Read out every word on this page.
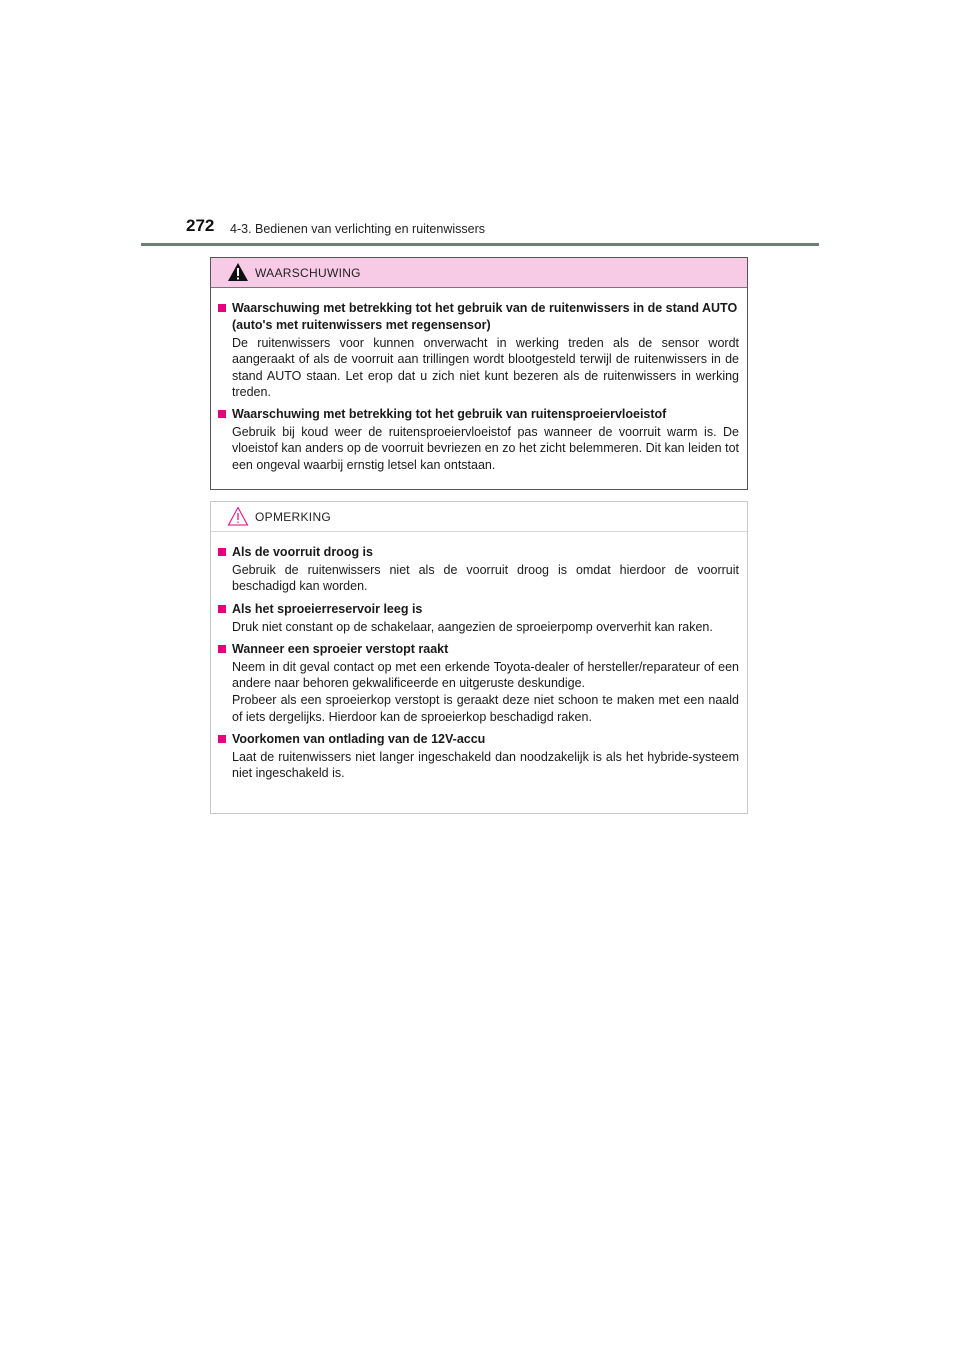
272 4-3. Bedienen van verlichting en ruitenwissers
WAARSCHUWING
Waarschuwing met betrekking tot het gebruik van de ruitenwissers in de stand AUTO (auto's met ruitenwissers met regensensor)
De ruitenwissers voor kunnen onverwacht in werking treden als de sensor wordt aangeraakt of als de voorruit aan trillingen wordt blootgesteld terwijl de ruitenwissers in de stand AUTO staan. Let erop dat u zich niet kunt bezeren als de ruitenwissers in werking treden.
Waarschuwing met betrekking tot het gebruik van ruitensproeiervloeistof
Gebruik bij koud weer de ruitensproeiervloeistof pas wanneer de voorruit warm is. De vloeistof kan anders op de voorruit bevriezen en zo het zicht belemmeren. Dit kan leiden tot een ongeval waarbij ernstig letsel kan ontstaan.
OPMERKING
Als de voorruit droog is
Gebruik de ruitenwissers niet als de voorruit droog is omdat hierdoor de voorruit beschadigd kan worden.
Als het sproeierreservoir leeg is
Druk niet constant op de schakelaar, aangezien de sproeierpomp oververhit kan raken.
Wanneer een sproeier verstopt raakt
Neem in dit geval contact op met een erkende Toyota-dealer of hersteller/reparateur of een andere naar behoren gekwalificeerde en uitgeruste deskundige.
Probeer als een sproeierkop verstopt is geraakt deze niet schoon te maken met een naald of iets dergelijks. Hierdoor kan de sproeierkop beschadigd raken.
Voorkomen van ontlading van de 12V-accu
Laat de ruitenwissers niet langer ingeschakeld dan noodzakelijk is als het hybride-systeem niet ingeschakeld is.
